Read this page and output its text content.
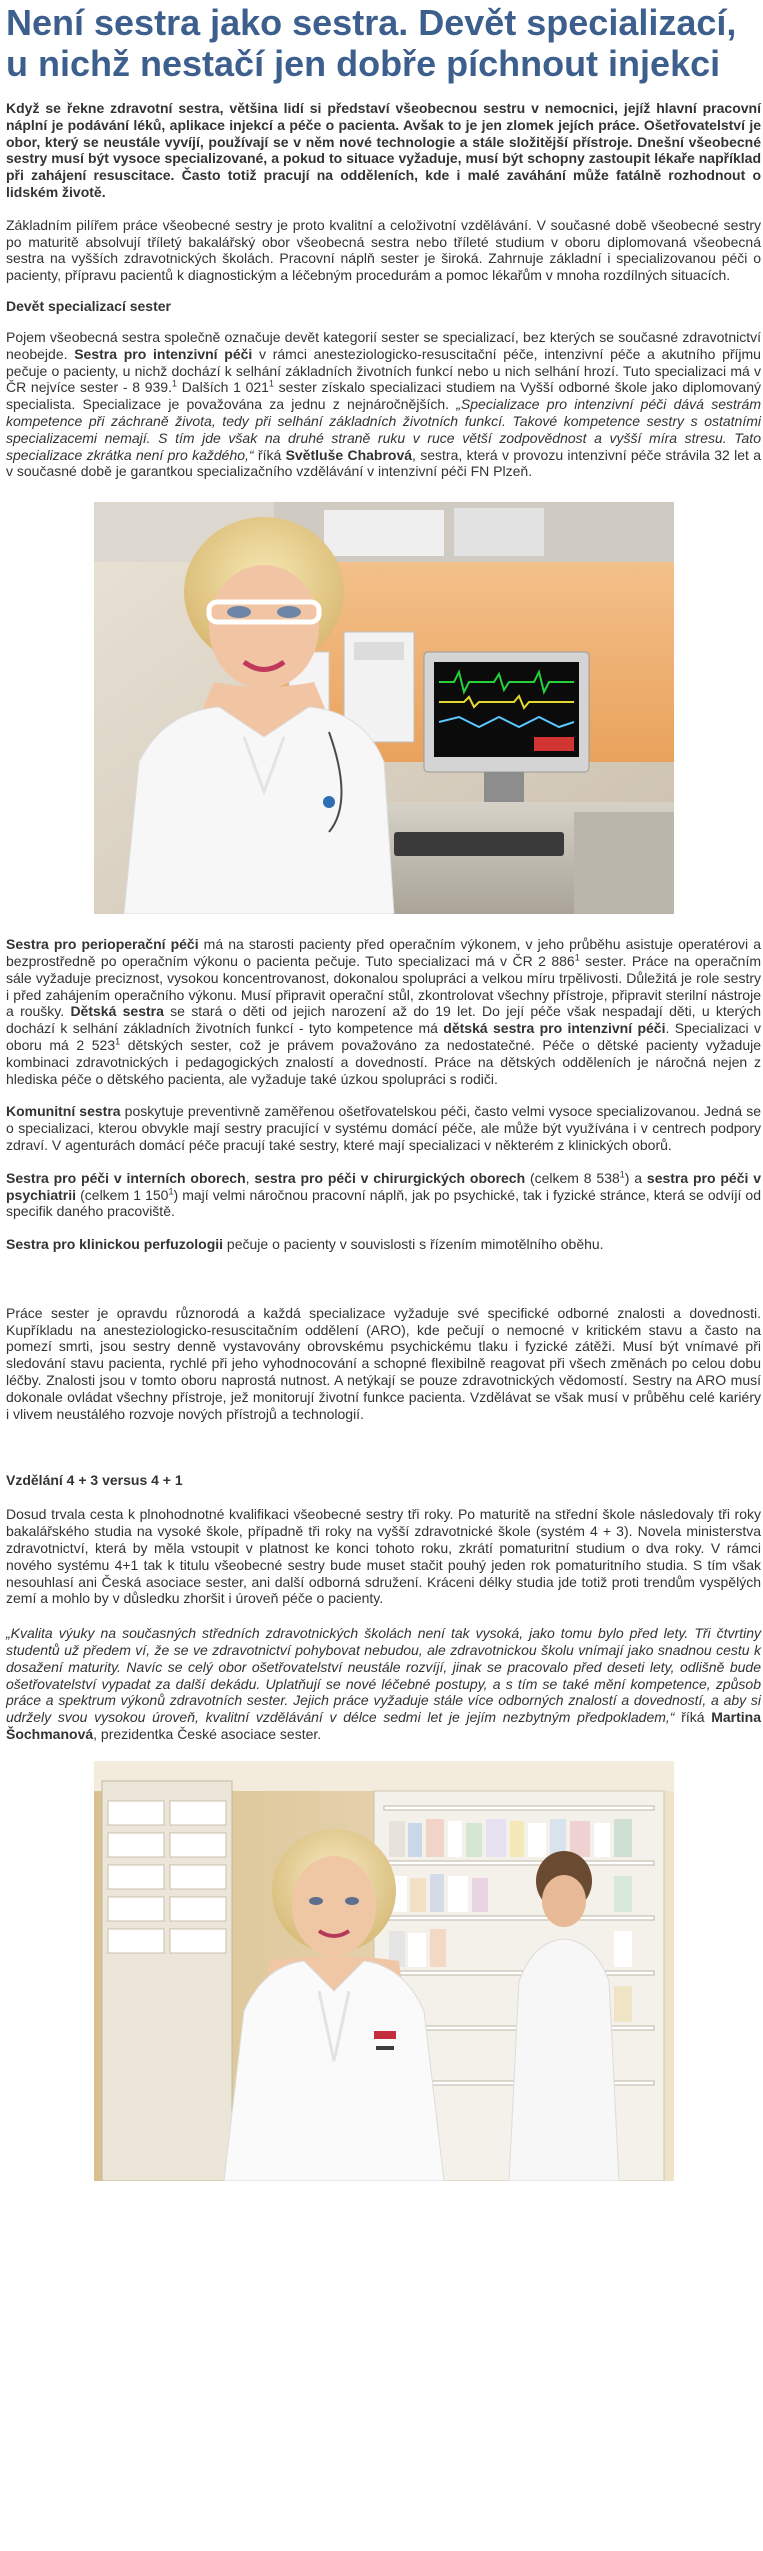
Není sestra jako sestra. Devět specializací, u nichž nestačí jen dobře píchnout injekci

Když se řekne zdravotní sestra, většina lidí si představí všeobecnou sestru v nemocnici, jejíž hlavní pracovní náplní je podávání léků, aplikace injekcí a péče o pacienta. Avšak to je jen zlomek jejích práce. Ošetřovatelství je obor, který se neustále vyvíjí, používají se v něm nové technologie a stále složitější přístroje. Dnešní všeobecné sestry musí být vysoce specializované, a pokud to situace vyžaduje, musí být schopny zastoupit lékaře například při zahájení resuscitace. Často totiž pracují na odděleních, kde i malé zaváhání může fatálně rozhodnout o lidském životě.

Základním pilířem práce všeobecné sestry je proto kvalitní a celoživotní vzdělávání. V současné době všeobecné sestry po maturitě absolvují tříletý bakalářský obor všeobecná sestra nebo tříleté studium v oboru diplomovaná všeobecná sestra na vyšších zdravotnických školách. Pracovní náplň sester je široká. Zahrnuje základní i specializovanou péči o pacienty, přípravu pacientů k diagnostickým a léčebným procedurám a pomoc lékařům v mnoha rozdílných situacích.

Devět specializací sester

Pojem všeobecná sestra společně označuje devět kategorií sester se specializací, bez kterých se současné zdravotnictví neobejde. Sestra pro intenzivní péči v rámci anesteziologicko-resuscitační péče, intenzivní péče a akutního příjmu pečuje o pacienty, u nichž dochází k selhání základních životních funkcí nebo u nich selhání hrozí. Tuto specializaci má v ČR nejvíce sester - 8 939.$^1$ Dalších 1 $021^1$ sester získalo specializaci studiem na Vyšší odborné škole jako diplomovaný specialista. Specializace je považována za jednu z nejnáročnějších. „Specializace pro intenzivní péči dává sestrám kompetence při záchraně života, tedy při selhání základních životních funkcí. Takové kompetence sestry s ostatními specializacemi nemají. S tím jde však na druhé straně ruku v ruce větší zodpovědnost a vyšší míra stresu. Tato specializace zkrátka není pro každého,“ říká Světluše Chabrová, sestra, která v provozu intenzivní péče strávila 32 let a v současné době je garantkou specializačního vzdělávání v intenzivní péči FN Plzeň.

Sestra pro perioperační péči má na starosti pacienty před operačním výkonem, v jeho průběhu asistuje operatérovi a bezprostředně po operačním výkonu o pacienta pečuje. Tuto specializaci má v ČR 2 $886^1$ sester. Práce na operačním sále vyžaduje preciznost, vysokou koncentrovanost, dokonalou spolupráci a velkou míru trpělivosti. Důležitá je role sestry i před zahájením operačního výkonu. Musí připravit operační stůl, zkontrolovat všechny přístroje, připravit sterilní nástroje a roušky. Dětská sestra se stará o děti od jejich narození až do 19 let. Do její péče však nespadají děti, u kterých dochází k selhání základních životních funkcí - tyto kompetence má dětská sestra pro intenzivní péči. Specializaci v oboru má 2 $523^1$ dětských sester, což je právem považováno za nedostatečné. Péče o dětské pacienty vyžaduje kombinaci zdravotnických i pedagogických znalostí a dovedností. Práce na dětských odděleních je náročná nejen z hlediska péče o dětského pacienta, ale vyžaduje také úzkou spolupráci s rodiči.

Komunitní sestra poskytuje preventivně zaměřenou ošetřovatelskou péči, často velmi vysoce specializovanou. Jedná se o specializaci, kterou obvykle mají sestry pracující v systému domácí péče, ale může být využívána i v centrech podpory zdraví. V agenturách domácí péče pracují také sestry, které mají specializaci v některém z klinických oborů.

Sestra pro péči v interních oborech, sestra pro péči v chirurgických oborech (celkem 8 $538^1$) a sestra pro péči v psychiatrii (celkem 1 $150^1$) mají velmi náročnou pracovní náplň, jak po psychické, tak i fyzické stránce, která se odvíjí od specifik daného pracoviště.

Sestra pro klinickou perfuzologii pečuje o pacienty v souvislosti s řízením mimotělního oběhu.

Práce sester je opravdu různorodá a každá specializace vyžaduje své specifické odborné znalosti a dovednosti. Kupříkladu na anesteziologicko-resuscitačním oddělení (ARO), kde pečují o nemocné v kritickém stavu a často na pomezí smrti, jsou sestry denně vystavovány obrovskému psychickému tlaku i fyzické zátěži. Musí být vnímavé při sledování stavu pacienta, rychlé při jeho vyhodnocování a schopné flexibilně reagovat při všech změnách po celou dobu léčby. Znalosti jsou v tomto oboru naprostá nutnost. A netýkají se pouze zdravotnických vědomostí. Sestry na ARO musí dokonale ovládat všechny přístroje, jež monitorují životní funkce pacienta. Vzdělávat se však musí v průběhu celé kariéry i vlivem neustálého rozvoje nových přístrojů a technologií.

Vzdělání 4 + 3 versus 4 + 1

Dosud trvala cesta k plnohodnotné kvalifikaci všeobecné sestry tři roky. Po maturitě na střední škole následovaly tři roky bakalářského studia na vysoké škole, případně tři roky na vyšší zdravotnické škole (systém 4 + 3). Novela ministerstva zdravotnictví, která by měla vstoupit v platnost ke konci tohoto roku, zkrátí pomaturitní studium o dva roky. V rámci nového systému 4+1 tak k titulu všeobecné sestry bude muset stačit pouhý jeden rok pomaturitního studia. S tím však nesouhlasí ani Česká asociace sester, ani další odborná sdružení. Kráceni délky studia jde totiž proti trendům vyspělých zemí a mohlo by v důsledku zhoršit i úroveň péče o pacienty.

„Kvalita výuky na současných středních zdravotnických školách není tak vysoká, jako tomu bylo před lety. Tři čtvrtiny studentů už předem ví, že se ve zdravotnictví pohybovat nebudou, ale zdravotnickou školu vnímají jako snadnou cestu k dosažení maturity. Navíc se celý obor ošetřovatelství neustále rozvíjí, jinak se pracovalo před deseti lety, odlišně bude ošetřovatelství vypadat za další dekádu. Uplatňují se nové léčebné postupy, a s tím se také mění kompetence, způsob práce a spektrum výkonů zdravotních sester. Jejich práce vyžaduje stále více odborných znalostí a dovedností, a aby si udržely svou vysokou úroveň, kvalitní vzdělávání v délce sedmi let je jejím nezbytným předpokladem,“ říká Martina Šochmanová, prezidentka České asociace sester.
